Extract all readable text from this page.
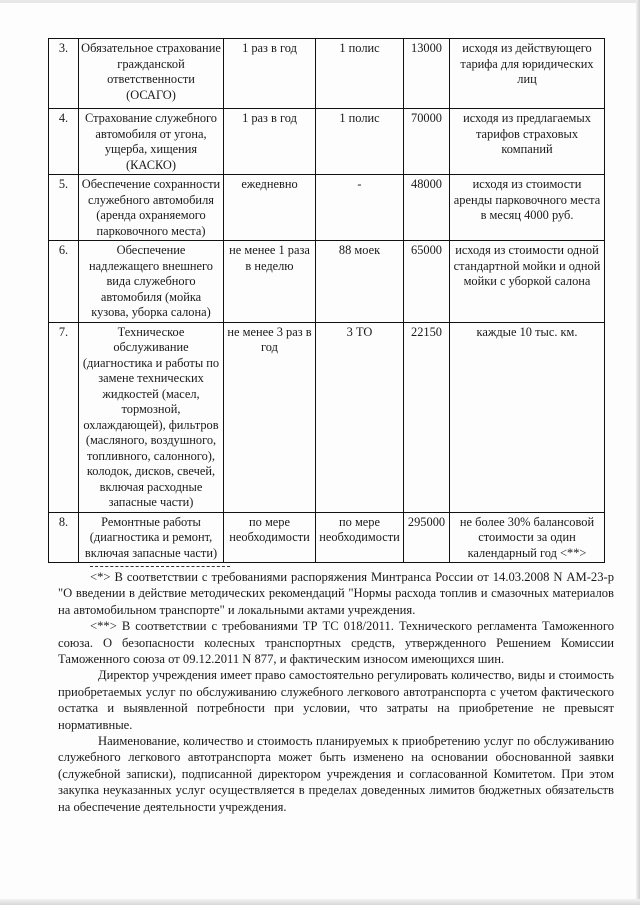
3.	Обязательное страхование гражданской ответственности (ОСАГО)	1 раз в год	1 полис	13000	исходя из действующего тарифа для юридических лиц
4.	Страхование служебного автомобиля от угона, ущерба, хищения (КАСКО)	1 раз в год	1 полис	70000	исходя из предлагаемых тарифов страховых компаний
5.	Обеспечение сохранности служебного автомобиля (аренда охраняемого парковочного места)	ежедневно	-	48000	исходя из стоимости аренды парковочного места в месяц 4000 руб.
6.	Обеспечение надлежащего внешнего вида служебного автомобиля (мойка кузова, уборка салона)	не менее 1 раза в неделю	88 моек	65000	исходя из стоимости одной стандартной мойки и одной мойки с уборкой салона
7.	Техническое обслуживание (диагностика и работы по замене технических жидкостей (масел, тормозной, охлаждающей), фильтров (масляного, воздушного, топливного, салонного), колодок, дисков, свечей, включая расходные запасные части)	не менее 3 раз в год	3 ТО	22150	каждые 10 тыс. км.
8.	Ремонтные работы (диагностика и ремонт, включая запасные части)	по мере необходимости	по мере необходимости	295000	не более 30% балансовой стоимости за один календарный год <**>

<*> В соответствии с требованиями распоряжения Минтранса России от 14.03.2008 N АМ-23-р "О введении в действие методических рекомендаций "Нормы расхода топлив и смазочных материалов на автомобильном транспорте" и локальными актами учреждения.

<**> В соответствии с требованиями ТР ТС 018/2011. Технического регламента Таможенного союза. О безопасности колесных транспортных средств, утвержденного Решением Комиссии Таможенного союза от 09.12.2011 N 877, и фактическим износом имеющихся шин.

Директор учреждения имеет право самостоятельно регулировать количество, виды и стоимость приобретаемых услуг по обслуживанию служебного легкового автотранспорта с учетом фактического остатка и выявленной потребности при условии, что затраты на приобретение не превысят нормативные.

Наименование, количество и стоимость планируемых к приобретению услуг по обслуживанию служебного легкового автотранспорта может быть изменено на основании обоснованной заявки (служебной записки), подписанной директором учреждения и согласованной Комитетом. При этом закупка неуказанных услуг осуществляется в пределах доведенных лимитов бюджетных обязательств на обеспечение деятельности учреждения.
